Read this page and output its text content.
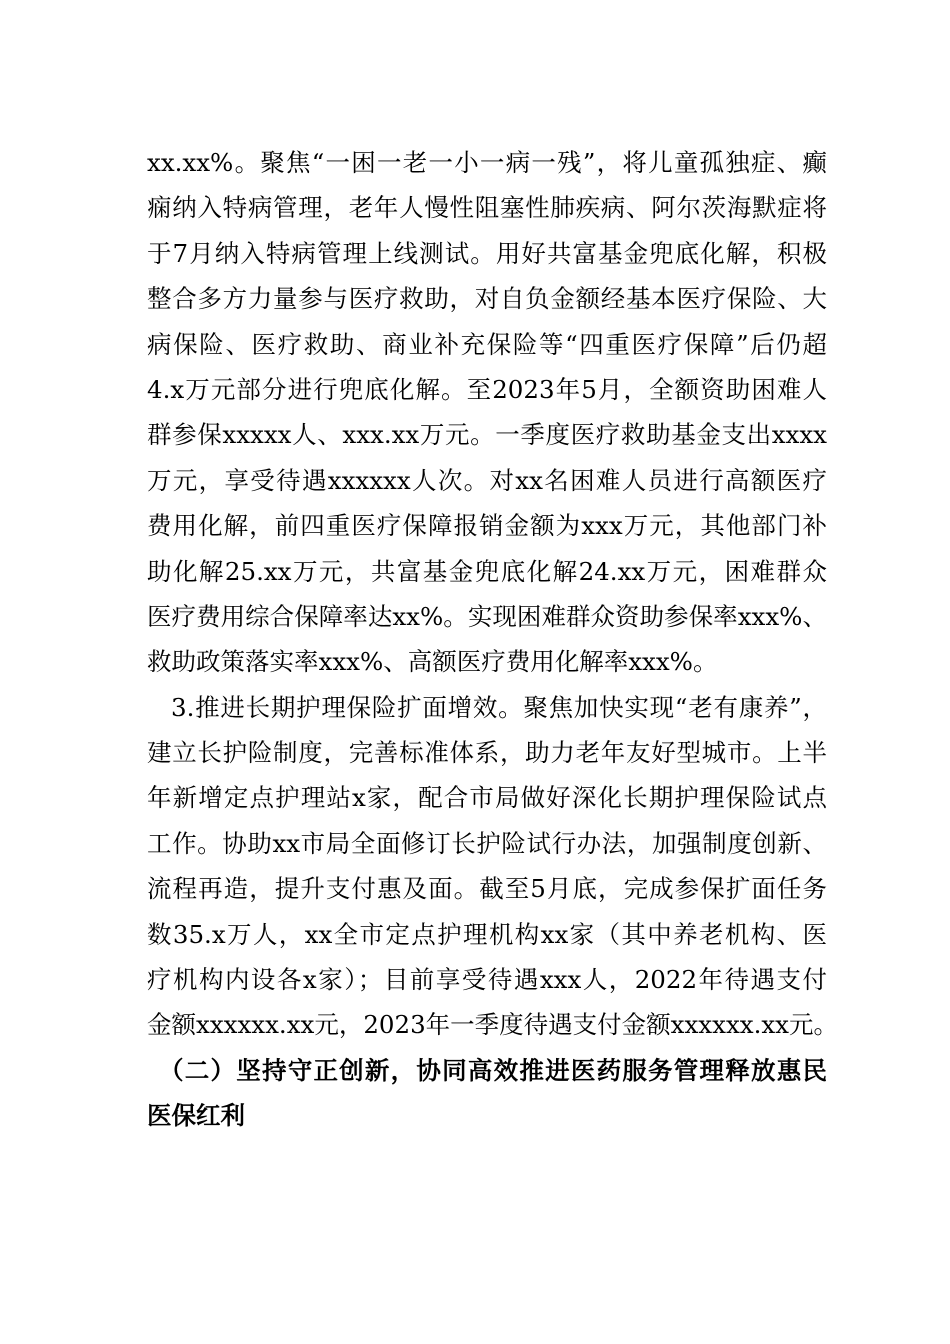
xx.xx%。聚焦“一困一老一小一病一残”，将儿童孤独症、癫
痫纳入特病管理，老年人慢性阻塞性肺疾病、阿尔茨海默症将
于7月纳入特病管理上线测试。用好共富基金兜底化解，积极
整合多方力量参与医疗救助，对自负金额经基本医疗保险、大
病保险、医疗救助、商业补充保险等“四重医疗保障”后仍超
4.x万元部分进行兜底化解。至2023年5月，全额资助困难人
群参保xxxxx人、xxx.xx万元。一季度医疗救助基金支出xxxx
万元，享受待遇xxxxxx人次。对xx名困难人员进行高额医疗
费用化解，前四重医疗保障报销金额为xxx万元，其他部门补
助化解25.xx万元，共富基金兜底化解24.xx万元，困难群众
医疗费用综合保障率达xx%。实现困难群众资助参保率xxx%、
救助政策落实率xxx%、高额医疗费用化解率xxx%。
3.推进长期护理保险扩面增效。聚焦加快实现“老有康养”，
建立长护险制度，完善标准体系，助力老年友好型城市。上半
年新增定点护理站x家，配合市局做好深化长期护理保险试点
工作。协助xx市局全面修订长护险试行办法，加强制度创新、
流程再造，提升支付惠及面。截至5月底，完成参保扩面任务
数35.x万人，xx全市定点护理机构xx家（其中养老机构、医
疗机构内设各x家）；目前享受待遇xxx人，2022年待遇支付
金额xxxxxx.xx元，2023年一季度待遇支付金额xxxxxx.xx元。
（二）坚持守正创新，协同高效推进医药服务管理释放惠民
医保红利
